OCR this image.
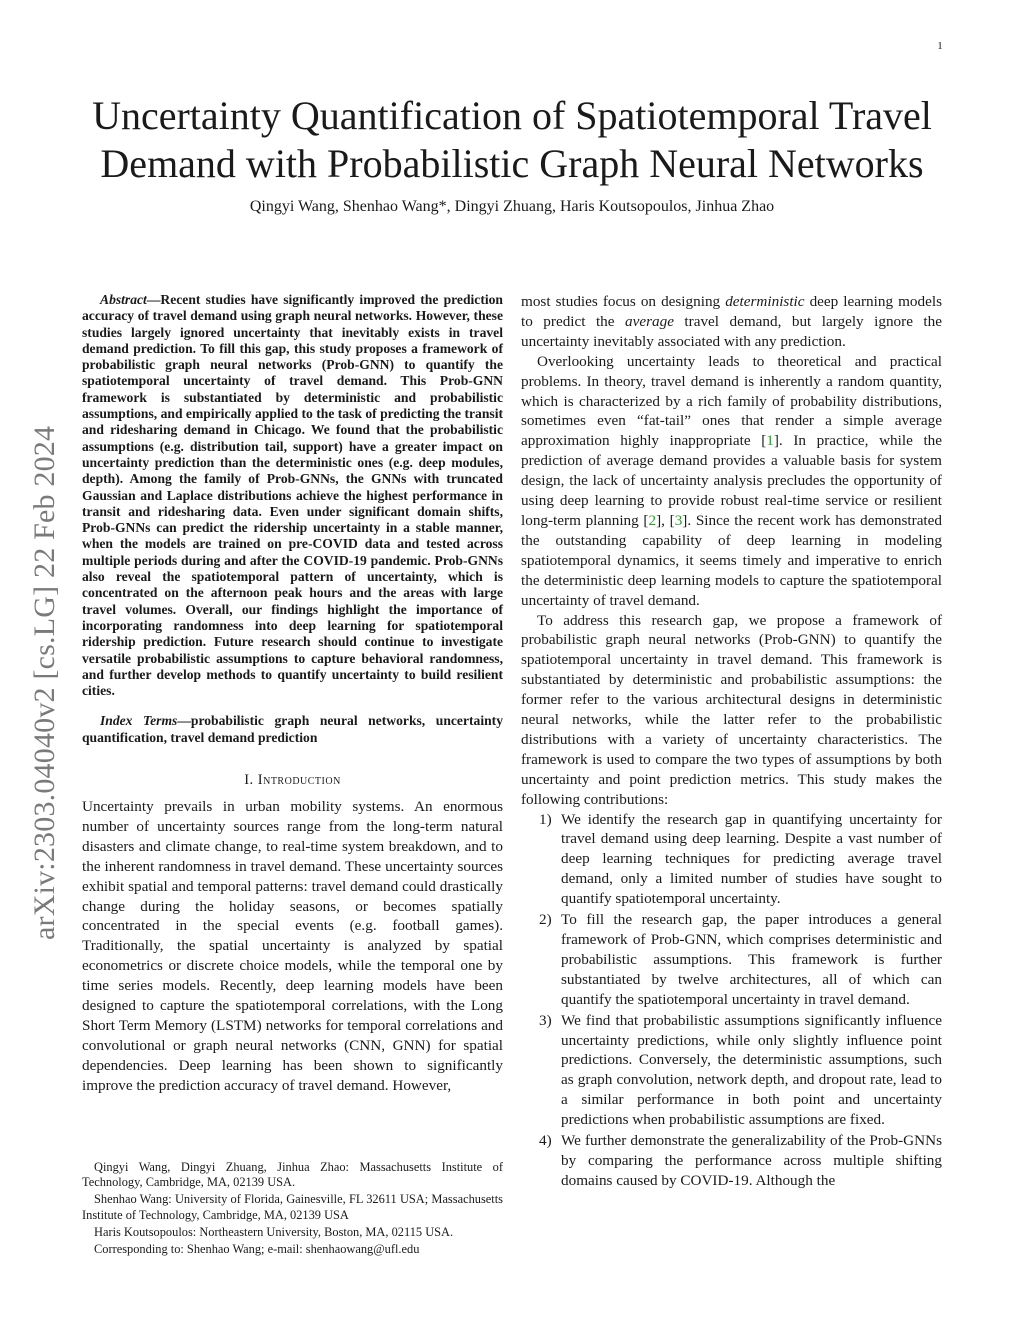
1
arXiv:2303.04040v2 [cs.LG] 22 Feb 2024
Uncertainty Quantification of Spatiotemporal Travel Demand with Probabilistic Graph Neural Networks
Qingyi Wang, Shenhao Wang*, Dingyi Zhuang, Haris Koutsopoulos, Jinhua Zhao

Abstract—Recent studies have significantly improved the prediction accuracy of travel demand using graph neural networks. However, these studies largely ignored uncertainty that inevitably exists in travel demand prediction. To fill this gap, this study proposes a framework of probabilistic graph neural networks (Prob-GNN) to quantify the spatiotemporal uncertainty of travel demand. This Prob-GNN framework is substantiated by deterministic and probabilistic assumptions, and empirically applied to the task of predicting the transit and ridesharing demand in Chicago. We found that the probabilistic assumptions (e.g. distribution tail, support) have a greater impact on uncertainty prediction than the deterministic ones (e.g. deep modules, depth). Among the family of Prob-GNNs, the GNNs with truncated Gaussian and Laplace distributions achieve the highest performance in transit and ridesharing data. Even under significant domain shifts, Prob-GNNs can predict the ridership uncertainty in a stable manner, when the models are trained on pre-COVID data and tested across multiple periods during and after the COVID-19 pandemic. Prob-GNNs also reveal the spatiotemporal pattern of uncertainty, which is concentrated on the afternoon peak hours and the areas with large travel volumes. Overall, our findings highlight the importance of incorporating randomness into deep learning for spatiotemporal ridership prediction. Future research should continue to investigate versatile probabilistic assumptions to capture behavioral randomness, and further develop methods to quantify uncertainty to build resilient cities.

Index Terms—probabilistic graph neural networks, uncertainty quantification, travel demand prediction

I. Introduction

Uncertainty prevails in urban mobility systems. An enormous number of uncertainty sources range from the long-term natural disasters and climate change, to real-time system breakdown, and to the inherent randomness in travel demand. These uncertainty sources exhibit spatial and temporal patterns: travel demand could drastically change during the holiday seasons, or becomes spatially concentrated in the special events (e.g. football games). Traditionally, the spatial uncertainty is analyzed by spatial econometrics or discrete choice models, while the temporal one by time series models. Recently, deep learning models have been designed to capture the spatiotemporal correlations, with the Long Short Term Memory (LSTM) networks for temporal correlations and convolutional or graph neural networks (CNN, GNN) for spatial dependencies. Deep learning has been shown to significantly improve the prediction accuracy of travel demand. However,

Qingyi Wang, Dingyi Zhuang, Jinhua Zhao: Massachusetts Institute of Technology, Cambridge, MA, 02139 USA.

Shenhao Wang: University of Florida, Gainesville, FL 32611 USA; Massachusetts Institute of Technology, Cambridge, MA, 02139 USA

Haris Koutsopoulos: Northeastern University, Boston, MA, 02115 USA.

Corresponding to: Shenhao Wang; e-mail: shenhaowang@ufl.edu

most studies focus on designing deterministic deep learning models to predict the average travel demand, but largely ignore the uncertainty inevitably associated with any prediction.

Overlooking uncertainty leads to theoretical and practical problems. In theory, travel demand is inherently a random quantity, which is characterized by a rich family of probability distributions, sometimes even “fat-tail” ones that render a simple average approximation highly inappropriate [1]. In practice, while the prediction of average demand provides a valuable basis for system design, the lack of uncertainty analysis precludes the opportunity of using deep learning to provide robust real-time service or resilient long-term planning [2], [3]. Since the recent work has demonstrated the outstanding capability of deep learning in modeling spatiotemporal dynamics, it seems timely and imperative to enrich the deterministic deep learning models to capture the spatiotemporal uncertainty of travel demand.

To address this research gap, we propose a framework of probabilistic graph neural networks (Prob-GNN) to quantify the spatiotemporal uncertainty in travel demand. This framework is substantiated by deterministic and probabilistic assumptions: the former refer to the various architectural designs in deterministic neural networks, while the latter refer to the probabilistic distributions with a variety of uncertainty characteristics. The framework is used to compare the two types of assumptions by both uncertainty and point prediction metrics. This study makes the following contributions:

1) We identify the research gap in quantifying uncertainty for travel demand using deep learning. Despite a vast number of deep learning techniques for predicting average travel demand, only a limited number of studies have sought to quantify spatiotemporal uncertainty.
2) To fill the research gap, the paper introduces a general framework of Prob-GNN, which comprises deterministic and probabilistic assumptions. This framework is further substantiated by twelve architectures, all of which can quantify the spatiotemporal uncertainty in travel demand.
3) We find that probabilistic assumptions significantly influence uncertainty predictions, while only slightly influence point predictions. Conversely, the deterministic assumptions, such as graph convolution, network depth, and dropout rate, lead to a similar performance in both point and uncertainty predictions when probabilistic assumptions are fixed.
4) We further demonstrate the generalizability of the Prob-GNNs by comparing the performance across multiple shifting domains caused by COVID-19. Although the
